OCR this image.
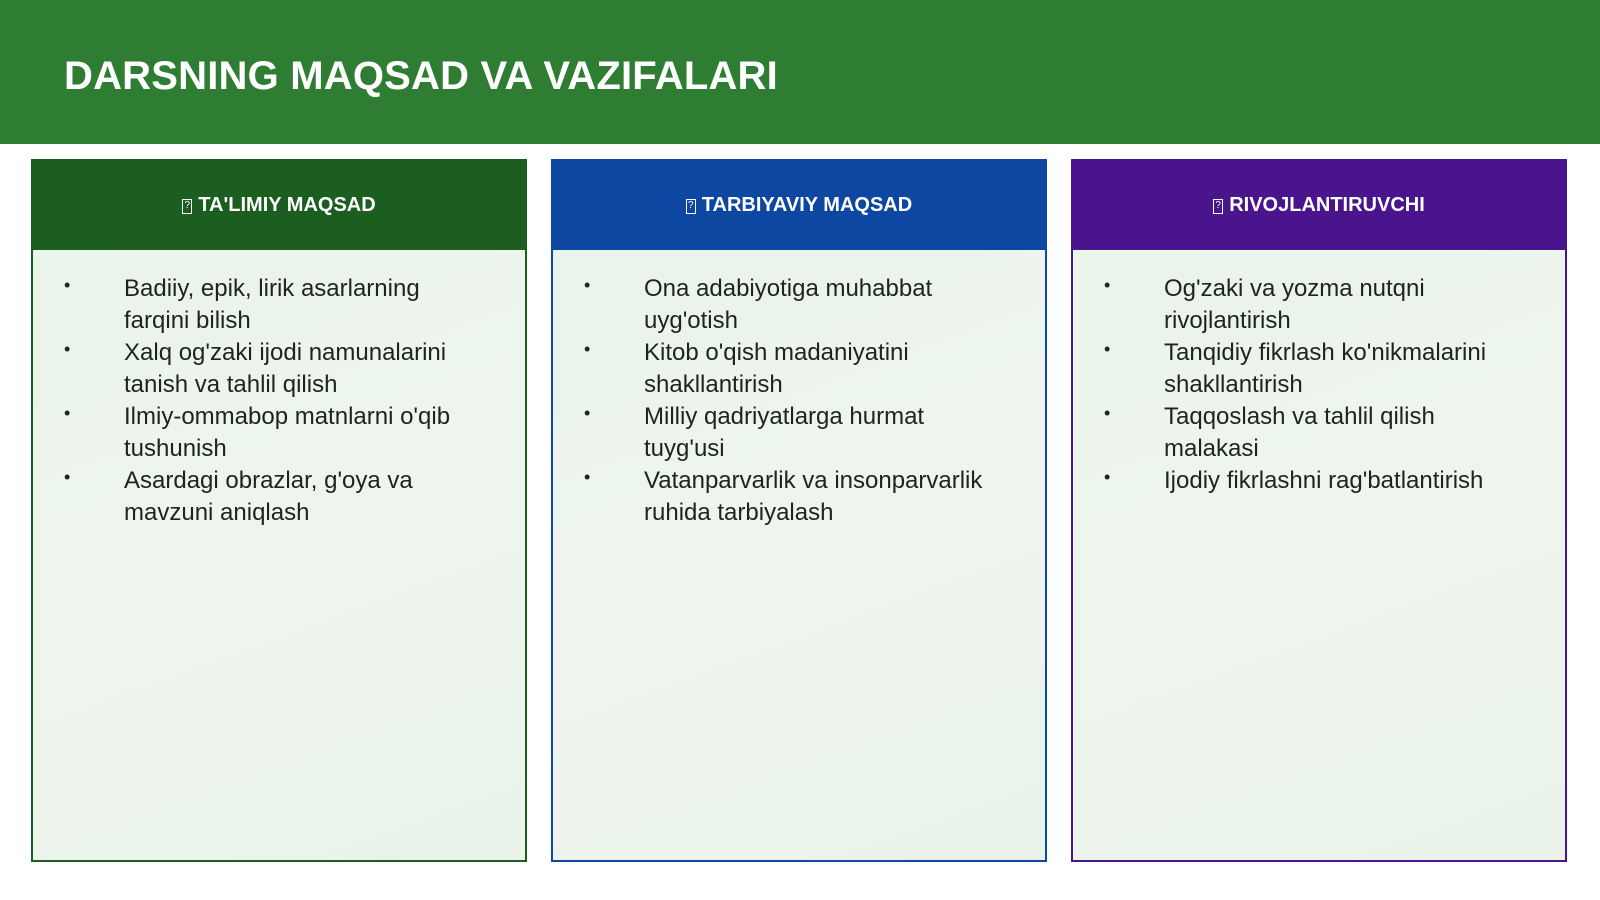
DARSNING MAQSAD VA VAZIFALARI
?
TA'LIMIY MAQSAD
• Badiiy, epik, lirik asarlarning farqini bilish
• Xalq og'zaki ijodi namunalarini tanish va tahlil qilish
• Ilmiy-ommabop matnlarni o'qib tushunish
• Asardagi obrazlar, g'oya va mavzuni aniqlash
?
TARBIYAVIY MAQSAD
• Ona adabiyotiga muhabbat uyg'otish
• Kitob o'qish madaniyatini shakllantirish
• Milliy qadriyatlarga hurmat tuyg'usi
• Vatanparvarlik va insonparvarlik ruhida tarbiyalash
?
RIVOJLANTIRUVCHI
• Og'zaki va yozma nutqni rivojlantirish
• Tanqidiy fikrlash ko'nikmalarini shakllantirish
• Taqqoslash va tahlil qilish malakasi
• Ijodiy fikrlashni rag'batlantirish
